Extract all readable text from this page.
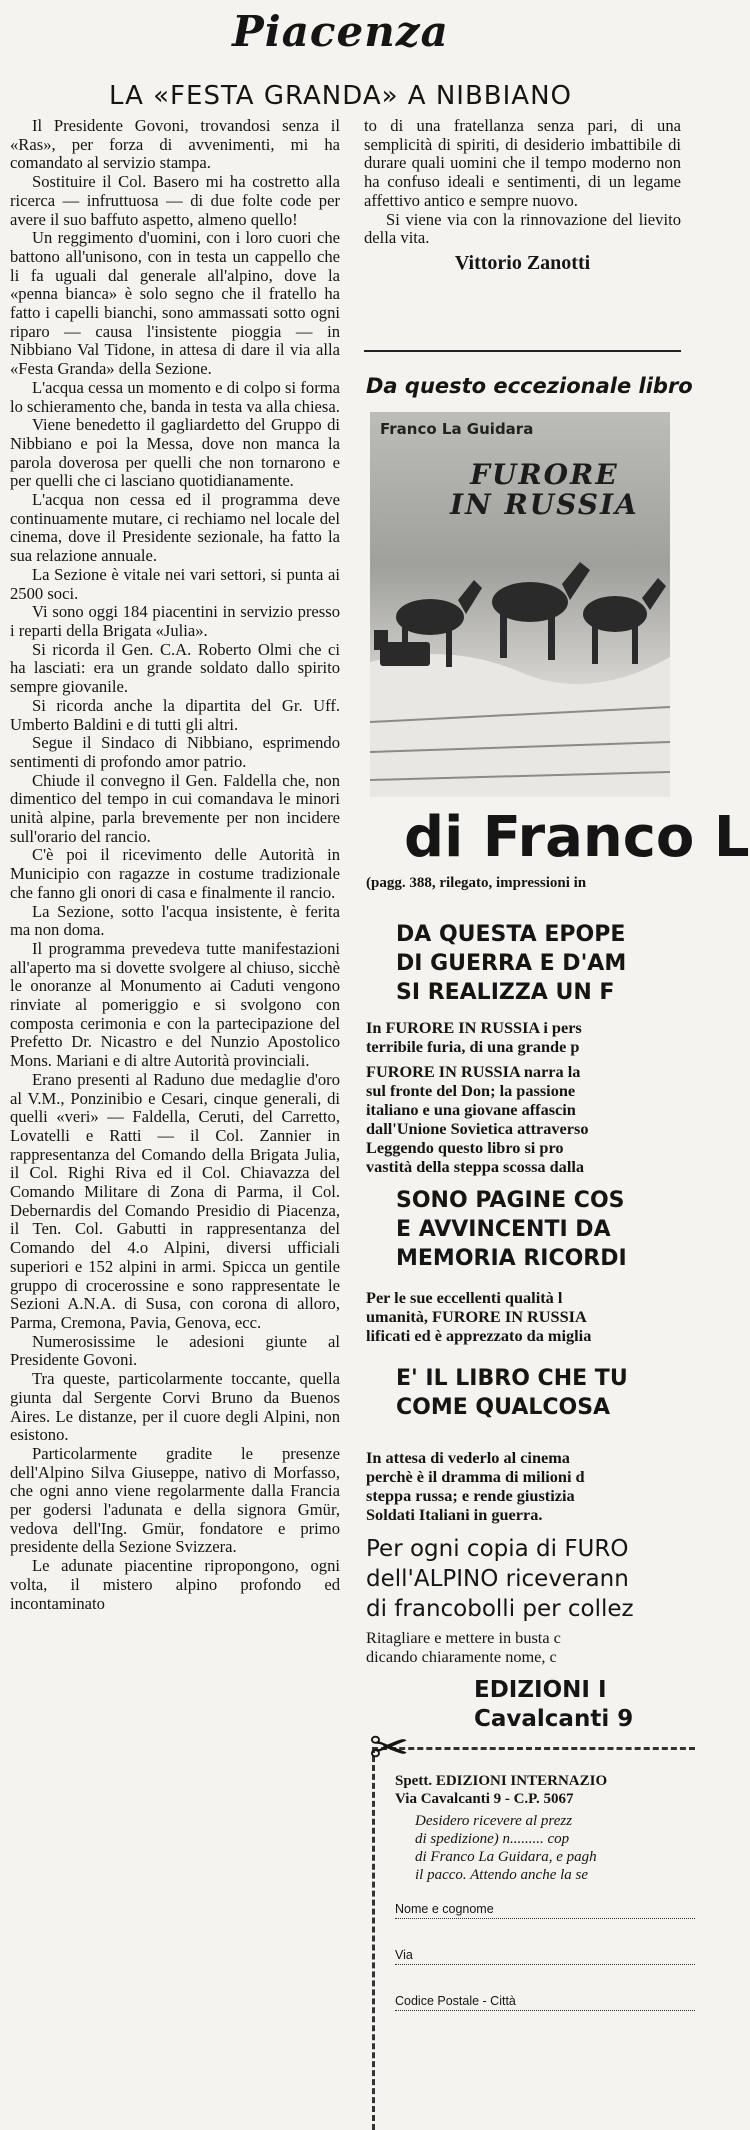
Piacenza
LA «FESTA GRANDA» A NIBBIANO

Il Presidente Govoni, trovandosi senza il «Ras», per forza di avvenimenti, mi ha comandato al servizio stampa.

Sostituire il Col. Basero mi ha costretto alla ricerca — infruttuosa — di due folte code per avere il suo baffuto aspetto, almeno quello!

Un reggimento d'uomini, con i loro cuori che battono all'unisono, con in testa un cappello che li fa uguali dal generale all'alpino, dove la «penna bianca» è solo segno che il fratello ha fatto i capelli bianchi, sono ammassati sotto ogni riparo — causa l'insistente pioggia — in Nibbiano Val Tidone, in attesa di dare il via alla «Festa Granda» della Sezione.

L'acqua cessa un momento e di colpo si forma lo schieramento che, banda in testa va alla chiesa.

Viene benedetto il gagliardetto del Gruppo di Nibbiano e poi la Messa, dove non manca la parola doverosa per quelli che non tornarono e per quelli che ci lasciano quotidianamente.

L'acqua non cessa ed il programma deve continuamente mutare, ci rechiamo nel locale del cinema, dove il Presidente sezionale, ha fatto la sua relazione annuale.

La Sezione è vitale nei vari settori, si punta ai 2500 soci.

Vi sono oggi 184 piacentini in servizio presso i reparti della Brigata «Julia».

Si ricorda il Gen. C.A. Roberto Olmi che ci ha lasciati: era un grande soldato dallo spirito sempre giovanile.

Si ricorda anche la dipartita del Gr. Uff. Umberto Baldini e di tutti gli altri.

Segue il Sindaco di Nibbiano, esprimendo sentimenti di profondo amor patrio.

Chiude il convegno il Gen. Faldella che, non dimentico del tempo in cui comandava le minori unità alpine, parla brevemente per non incidere sull'orario del rancio.

C'è poi il ricevimento delle Autorità in Municipio con ragazze in costume tradizionale che fanno gli onori di casa e finalmente il rancio.

La Sezione, sotto l'acqua insistente, è ferita ma non doma.

Il programma prevedeva tutte manifestazioni all'aperto ma si dovette svolgere al chiuso, sicchè le onoranze al Monumento ai Caduti vengono rinviate al pomeriggio e si svolgono con composta cerimonia e con la partecipazione del Prefetto Dr. Nicastro e del Nunzio Apostolico Mons. Mariani e di altre Autorità provinciali.

Erano presenti al Raduno due medaglie d'oro al V.M., Ponzinibio e Cesari, cinque generali, di quelli «veri» — Faldella, Ceruti, del Carretto, Lovatelli e Ratti — il Col. Zannier in rappresentanza del Comando della Brigata Julia, il Col. Righi Riva ed il Col. Chiavazza del Comando Militare di Zona di Parma, il Col. Debernardis del Comando Presidio di Piacenza, il Ten. Col. Gabutti in rappresentanza del Comando del 4.o Alpini, diversi ufficiali superiori e 152 alpini in armi. Spicca un gentile gruppo di crocerossine e sono rappresentate le Sezioni A.N.A. di Susa, con corona di alloro, Parma, Cremona, Pavia, Genova, ecc.

Numerosissime le adesioni giunte al Presidente Govoni.

Tra queste, particolarmente toccante, quella giunta dal Sergente Corvi Bruno da Buenos Aires. Le distanze, per il cuore degli Alpini, non esistono.

Particolarmente gradite le presenze dell'Alpino Silva Giuseppe, nativo di Morfasso, che ogni anno viene regolarmente dalla Francia per godersi l'adunata e della signora Gmür, vedova dell'Ing. Gmür, fondatore e primo presidente della Sezione Svizzera.

Le adunate piacentine ripropongono, ogni volta, il mistero alpino profondo ed incontaminato

to di una fratellanza senza pari, di una semplicità di spiriti, di desiderio imbattibile di durare quali uomini che il tempo moderno non ha confuso ideali e sentimenti, di un legame affettivo antico e sempre nuovo.

Si viene via con la rinnovazione del lievito della vita.

Vittorio Zanotti
Da questo eccezionale libro
Franco La Guidara
FURORE
IN RUSSIA
di Franco L
(pagg. 388, rilegato, impressioni in
DA QUESTA EPOPE
DI GUERRA E D'AM
SI REALIZZA UN F
In FURORE IN RUSSIA i pers
terribile furia, di una grande p
FURORE IN RUSSIA narra la
sul fronte del Don; la passione
italiano e una giovane affascin
dall'Unione Sovietica attraverso
Leggendo questo libro si pro
vastità della steppa scossa dalla
SONO PAGINE COS
E AVVINCENTI DA
MEMORIA RICORDI
Per le sue eccellenti qualità l
umanità, FURORE IN RUSSIA
lificati ed è apprezzato da miglia
E' IL LIBRO CHE TU
COME QUALCOSA
In attesa di vederlo al cinema
perchè è il dramma di milioni d
steppa russa; e rende giustizia
Soldati Italiani in guerra.
Per ogni copia di FURO
dell'ALPINO riceverann
di francobolli per collez
Ritagliare e mettere in busta c
dicando chiaramente nome, c
EDIZIONI I
Cavalcanti 9
✂
Spett. EDIZIONI INTERNAZIO
Via Cavalcanti 9 - C.P. 5067
Desidero ricevere al prezz
di spedizione) n......... cop
di Franco La Guidara, e pagh
il pacco. Attendo anche la se
Nome e cognome
Via
Codice Postale - Città
